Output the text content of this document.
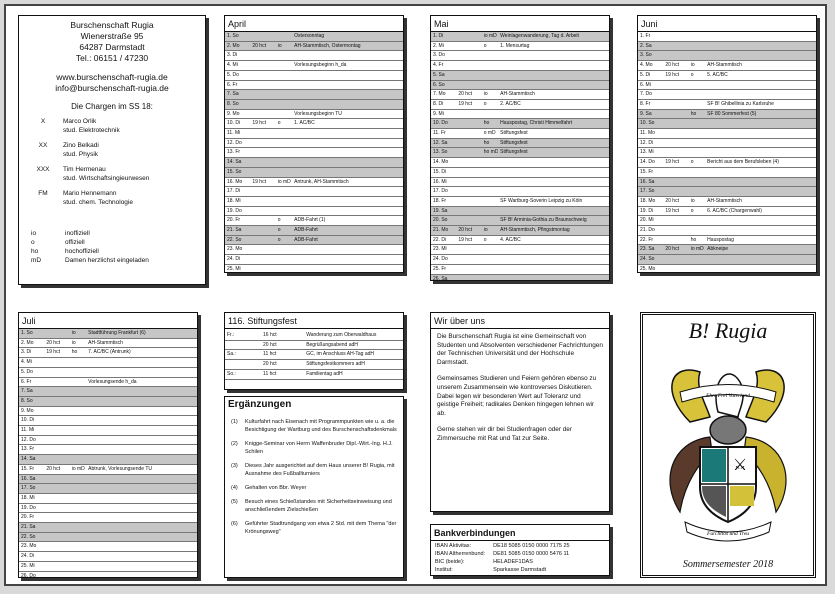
Burschenschaft Rugia
Wienerstraße 95
64287 Darmstadt
Tel.: 06151 / 47230
www.burschenschaft-rugia.de
info@burschenschaft-rugia.de
Die Chargen im SS 18:
X	Marco Orlik
stud. Elektrotechnik
XX	Zino Belkadi
stud. Physik
XXX	Tim Hermenau
stud. Wirtschaftsingieurwesen
FM	Mario Hennemann
stud. chem. Technologie
io	inoffiziell
o	offiziell
ho	hochoffiziell
mD	Damen herzlichst eingeladen
April
1. So			Ostersonntag
2. Mo	20 hct	io	AH-Stammtisch, Ostermontag
3. Di			
4. Mi			Vorlesungsbeginn h_da
5. Do			
6. Fr			
7. Sa			
8. So			
9. Mo			Vorlesungsbeginn TU
10. Di	19 hct	o	1. AC/BC
11. Mi			
12. Do			
13. Fr			
14. Sa			
15. So			
16. Mo	19 hct	io mD	Antrunk, AH-Stammtisch
17. Di			
18. Mi			
19. Do			
20. Fr		o	ADB-Fahrt (1)
21. Sa		o	ADB-Fahrt
22. So		o	ADB-Fahrt
23. Mo			
24. Di			
25. Mi			

Mai
1. Di		io mD	Weinlagenwanderung, Tag d. Arbeit
2. Mi		o	1. Mensurtag
3. Do			
4. Fr			
5. Sa			
6. So			
7. Mo	20 hct	io	AH-Stammtisch
8. Di	19 hct	o	2. AC/BC
9. Mi			
10. Do		ho	Hauspostag, Christi Himmelfahrt
11. Fr		o mD	Stiftungsfest
12. Sa		ho	Stiftungsfest
13. So		ho mD	Stiftungsfest
14. Mo			
15. Di			
16. Mi			
17. Do			
18. Fr			SF Wartburg-Soverin Leipzig zu Köln
19. Sa			
20. So			SF B! Arminia-Gothia zu Braunschweig
21. Mo	20 hct	io	AH-Stammtisch, Pfingstmontag
22. Di	19 hct	o	4. AC/BC
23. Mi			
24. Do			
25. Fr			
26. Sa			

Juni
1. Fr			
2. Sa			
3. So			
4. Mo	20 hct	io	AH-Stammtisch
5. Di	19 hct	o	5. AC/BC
6. Mi			
7. Do			
8. Fr			SF B! Ghibellinia zu Karlsruhe
9. Sa		ho	SF 80 Sommerfest (5)
10. So			
11. Mo			
12. Di			
13. Mi			
14. Do	19 hct	o	Bericht aus dem Berufsleben (4)
15. Fr			
16. Sa			
17. So			
18. Mo	20 hct	io	AH-Stammtisch
19. Di	19 hct	o	6. AC/BC (Chargenwahl)
20. Mi			
21. Do			
22. Fr		ho	Hauspostag
23. Sa	20 hct	io mD	Abkneipe
24. So			
25. Mo			

Juli
1. So		io	Stadtführung Frankfurt (6)
2. Mo	20 hct	io	AH-Stammtisch
3. Di	19 hct	ho	7. AC/BC (Antrunk)
4. Mi			
5. Do			
6. Fr			Vorlesungsende h_da
7. Sa			
8. So			
9. Mo			
10. Di			
11. Mi			
12. Do			
13. Fr			
14. Sa			
15. Fr	20 hct	io mD	Abtrunk, Vorlesungsende TU
16. Sa			
17. So			
18. Mi			
19. Do			
20. Fr			
21. Sa			
22. So			
23. Mo			
24. Di			
25. Mi			
26. Do			

116. Stiftungsfest
Fr.:	16 hct	Wanderung zum Oberwaldhaus
	20 hct	Begrüßungsabend adH
Sa.:	11 hct	GC, im Anschluss AH-Tag adH
	20 hct	Stiftungsfestkommers adH
So.:	11 hct	Familientag adH
Ergänzungen
(1)	Kulturfahrt nach Eisenach mit Programmpunkten wie u. a. die Besichtigung der Wartburg und des Burschenschaftsdenkmals
(2)	Knigge-Seminar von Herrn Waffenbruder Dipl.-Wirt.-Ing. H.J. Schilen
(3)	Dieses Jahr ausgerichtet auf dem Haus unserer B! Rugia, mit Ausnahme des Fußballturniers
(4)	Gehalten von Bbr. Weyer
(5)	Besuch eines Schießstandes mit Sicherheitseinweisung und anschließendem Zielschießen
(6)	Geführter Stadtrundgang von etwa 2 Std. mit dem Thema "der Krönungsweg"
Wir über uns

Die Burschenschaft Rugia ist eine Gemeinschaft von Studenten und Absolventen verschiedener Fachrichtungen der Technischen Universität und der Hochschule Darmstadt.

Gemeinsames Studieren und Feiern gehören ebenso zu unserem Zusammensein wie kontroverses Diskutieren. Dabei legen wir besonderen Wert auf Toleranz und geistige Freiheit; radikales Denken hingegen lehnen wir ab.

Gerne stehen wir dir bei Studienfragen oder der Zimmersuche mit Rat und Tat zur Seite.

Bankverbindungen
IBAN Aktivitas:	DE18 5085 0150 0000 7175 25
IBAN Altherrenbund:	DE81 5085 0150 0000 5476 11
BIC (beide):	HELADEF1DAS
Institut:	Sparkasse Darmstadt
B! Rugia
Ehre Frei Vaterland
⚔
Furchtlos und Treu
Sommersemester 2018
